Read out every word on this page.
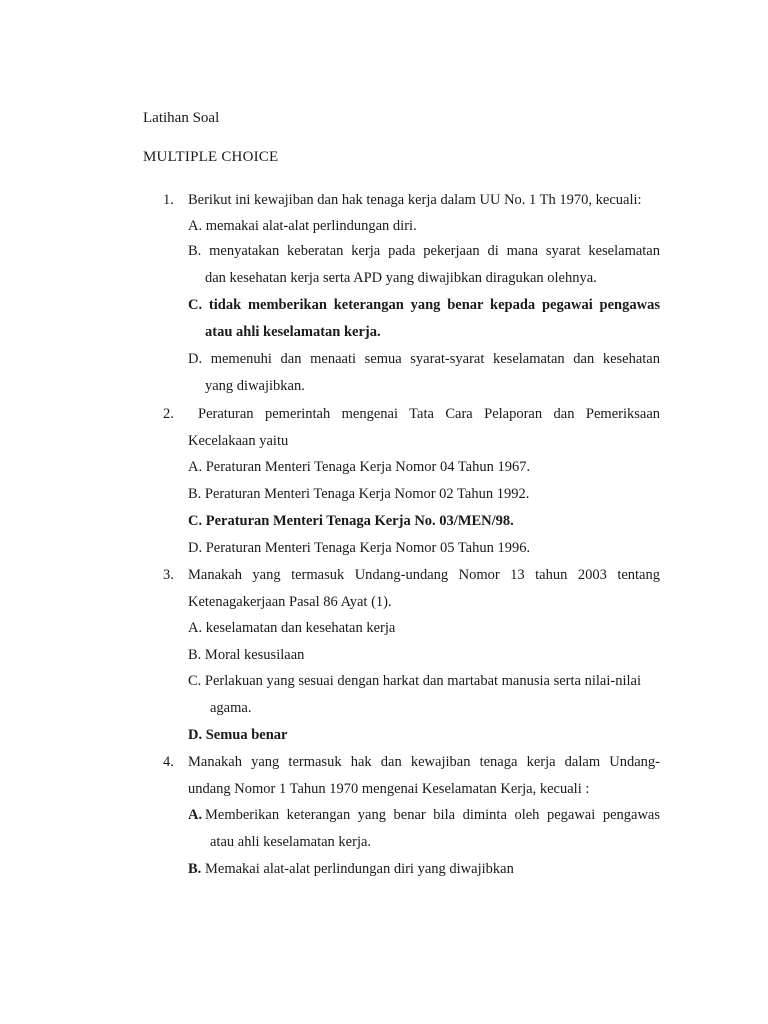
Latihan Soal
MULTIPLE CHOICE
1. Berikut ini kewajiban dan hak tenaga kerja dalam UU No. 1 Th 1970, kecuali:
A. memakai alat-alat perlindungan diri.
B. menyatakan keberatan kerja pada pekerjaan di mana syarat keselamatan
dan kesehatan kerja serta APD yang diwajibkan diragukan olehnya.
C. tidak memberikan keterangan yang benar kepada pegawai pengawas
atau ahli keselamatan kerja.
D. memenuhi dan menaati semua syarat-syarat keselamatan dan kesehatan
yang diwajibkan.
2. Peraturan pemerintah mengenai Tata Cara Pelaporan dan Pemeriksaan
Kecelakaan yaitu
A. Peraturan Menteri Tenaga Kerja Nomor 04 Tahun 1967.
B. Peraturan Menteri Tenaga Kerja Nomor 02 Tahun 1992.
C. Peraturan Menteri Tenaga Kerja No. 03/MEN/98.
D. Peraturan Menteri Tenaga Kerja Nomor 05 Tahun 1996.
3. Manakah yang termasuk Undang-undang Nomor 13 tahun 2003 tentang
Ketenagakerjaan Pasal 86 Ayat (1).
A. keselamatan dan kesehatan kerja
B. Moral kesusilaan
C. Perlakuan yang sesuai dengan harkat dan martabat manusia serta nilai-nilai
agama.
D. Semua benar
4. Manakah yang termasuk hak dan kewajiban tenaga kerja dalam Undang-
undang Nomor 1 Tahun 1970 mengenai Keselamatan Kerja, kecuali :
A. Memberikan keterangan yang benar bila diminta oleh pegawai pengawas
atau ahli keselamatan kerja.
B. Memakai alat-alat perlindungan diri yang diwajibkan
